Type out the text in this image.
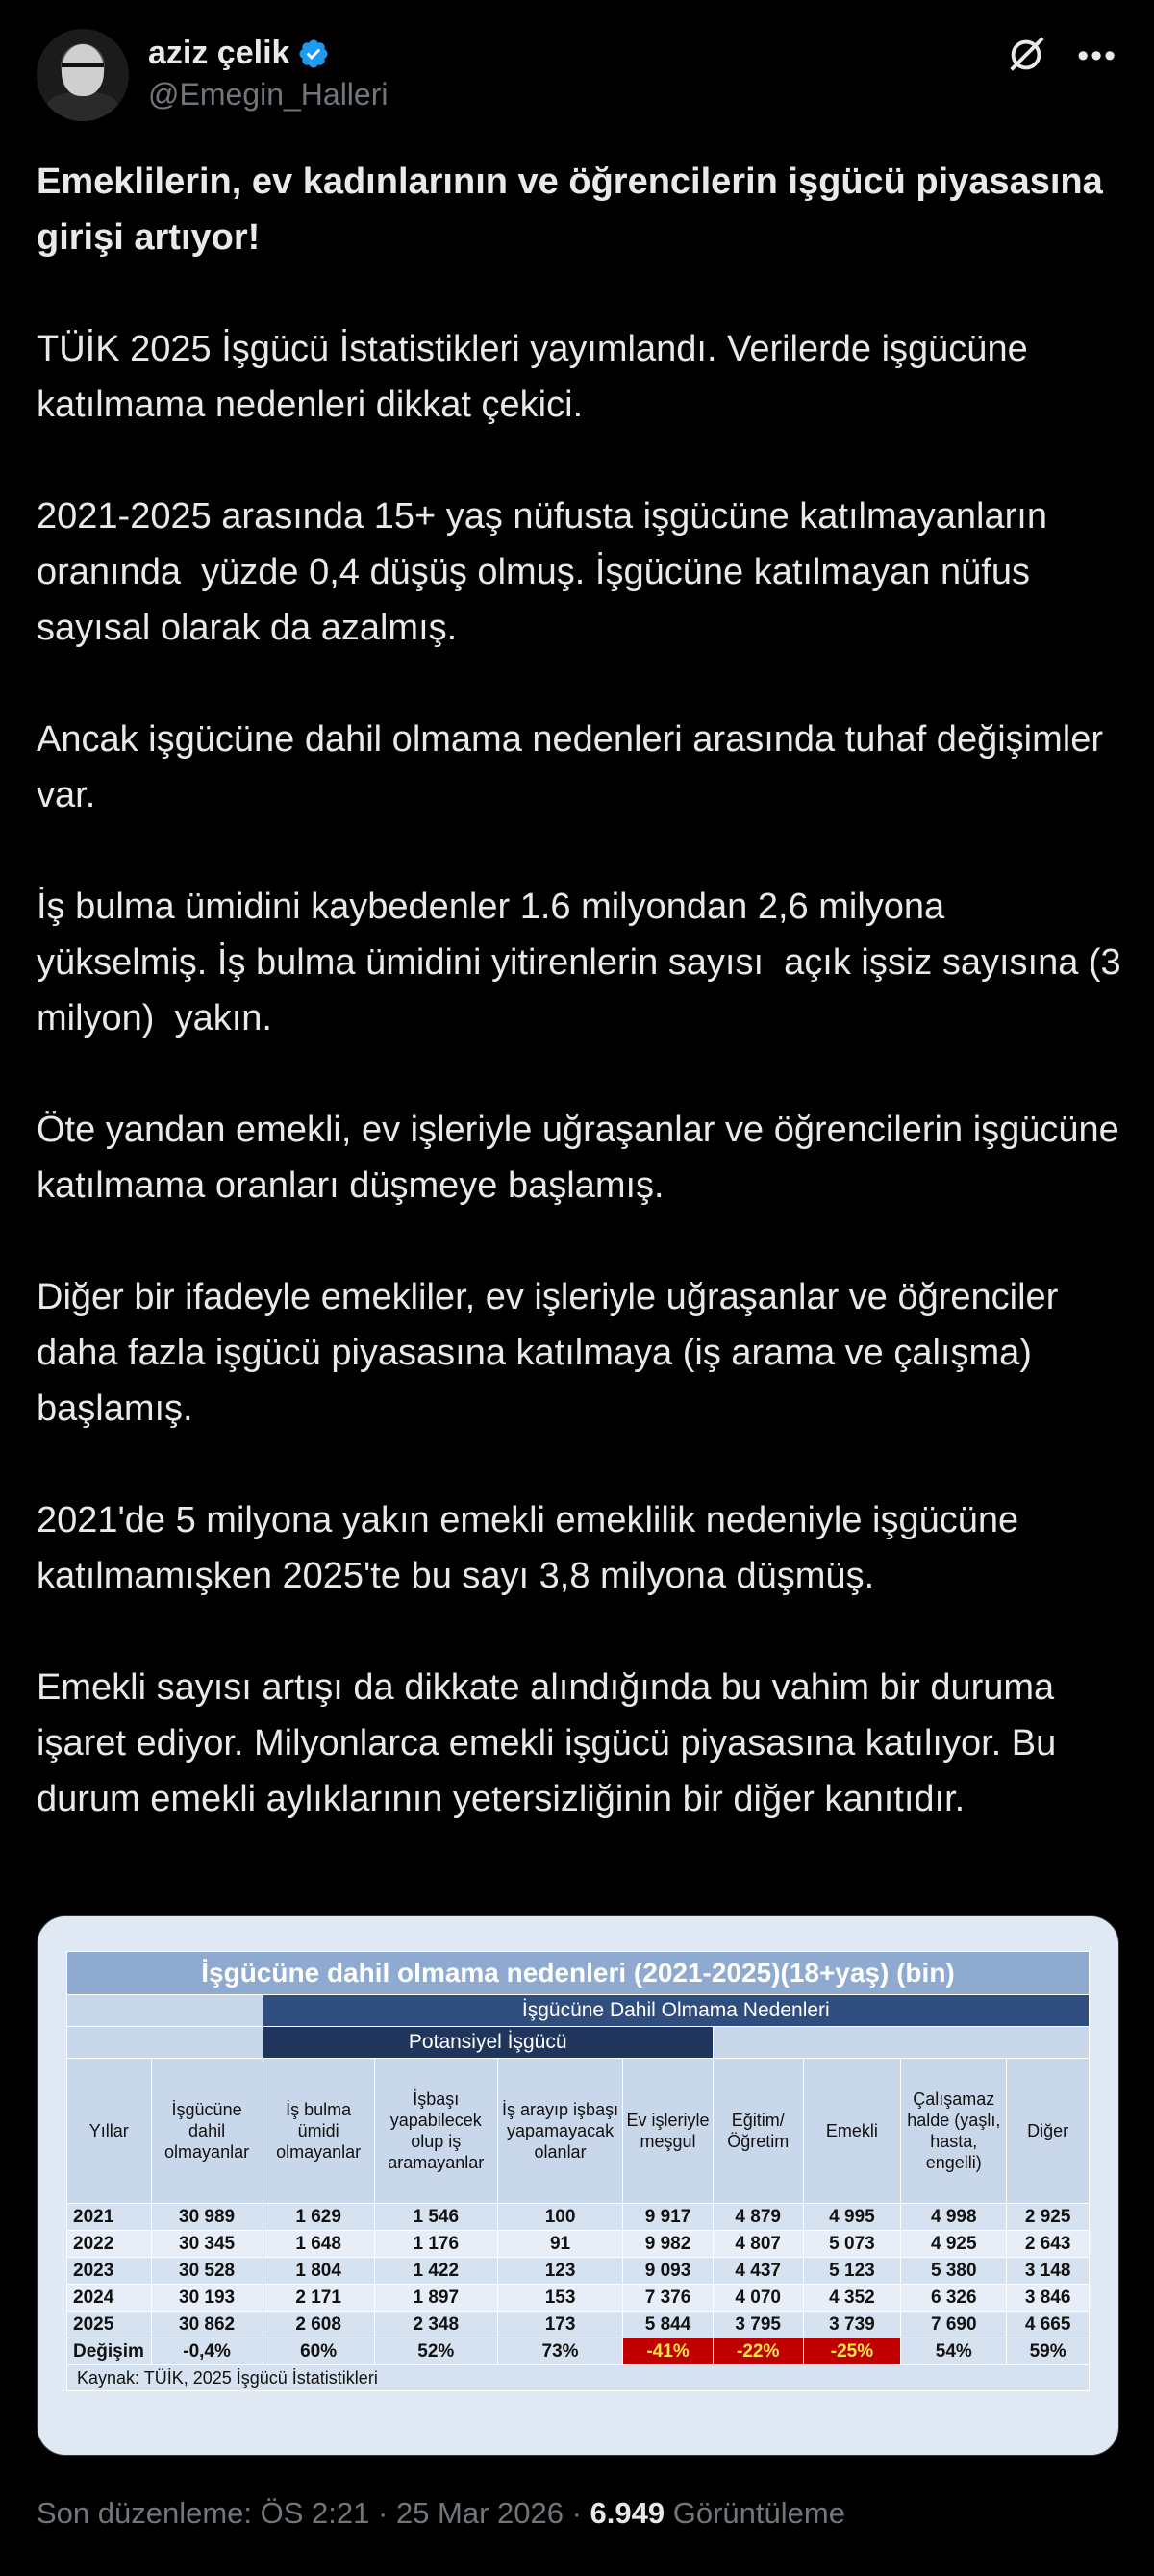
aziz çelik
@Emegin_Halleri
•••

Emeklilerin, ev kadınlarının ve öğrencilerin işgücü piyasasına girişi artıyor!

TÜİK 2025 İşgücü İstatistikleri yayımlandı. Verilerde işgücüne katılmama nedenleri dikkat çekici.

2021-2025 arasında 15+ yaş nüfusta işgücüne katılmayanların oranında  yüzde 0,4 düşüş olmuş. İşgücüne katılmayan nüfus sayısal olarak da azalmış.

Ancak işgücüne dahil olmama nedenleri arasında tuhaf değişimler var.

İş bulma ümidini kaybedenler 1.6 milyondan 2,6 milyona yükselmiş. İş bulma ümidini yitirenlerin sayısı  açık işsiz sayısına (3 milyon)  yakın.

Öte yandan emekli, ev işleriyle uğraşanlar ve öğrencilerin işgücüne katılmama oranları düşmeye başlamış.

Diğer bir ifadeyle emekliler, ev işleriyle uğraşanlar ve öğrenciler daha fazla işgücü piyasasına katılmaya (iş arama ve çalışma) başlamış.

2021'de 5 milyona yakın emekli emeklilik nedeniyle işgücüne katılmamışken 2025'te bu sayı 3,8 milyona düşmüş.

Emekli sayısı artışı da dikkate alındığında bu vahim bir duruma işaret ediyor. Milyonlarca emekli işgücü piyasasına katılıyor. Bu durum emekli aylıklarının yetersizliğinin bir diğer kanıtıdır.

İşgücüne dahil olmama nedenleri (2021-2025)(18+yaş) (bin)									
		İşgücüne Dahil Olmama Nedenleri							
		Potansiyel İşgücü							
Yıllar	İşgücüne dahil olmayanlar	İş bulma ümidi olmayanlar	İşbaşı yapabilecek olup iş aramayanlar	İş arayıp işbaşı yapamayacak olanlar	Ev işleriyle meşgul	Eğitim/ Öğretim	Emekli	Çalışamaz halde (yaşlı, hasta, engelli)	Diğer
2021	30 989	1 629	1 546	100	9 917	4 879	4 995	4 998	2 925
2022	30 345	1 648	1 176	91	9 982	4 807	5 073	4 925	2 643
2023	30 528	1 804	1 422	123	9 093	4 437	5 123	5 380	3 148
2024	30 193	2 171	1 897	153	7 376	4 070	4 352	6 326	3 846
2025	30 862	2 608	2 348	173	5 844	3 795	3 739	7 690	4 665
Değişim	-0,4%	60%	52%	73%	-41%	-22%	-25%	54%	59%
Kaynak: TÜİK, 2025 İşgücü İstatistikleri									
Son düzenleme: ÖS 2:21 · 25 Mar 2026 · 6.949 Görüntüleme
